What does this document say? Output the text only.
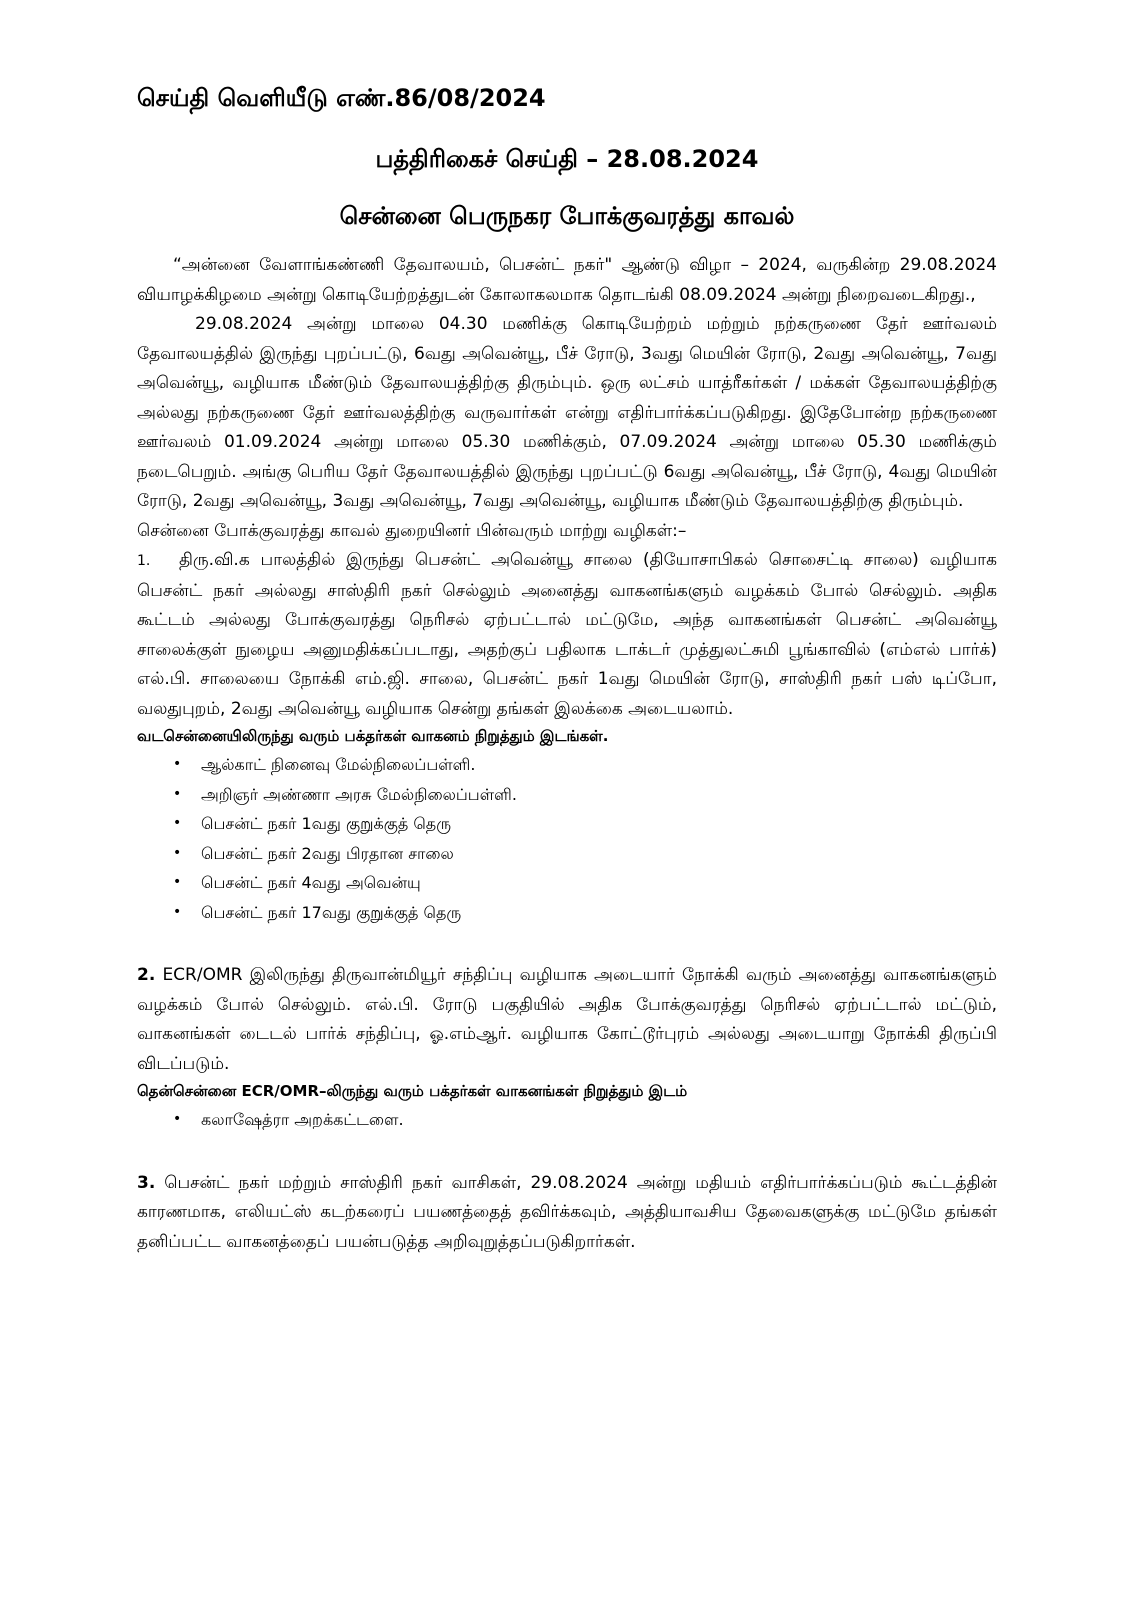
செய்தி வெளியீடு எண்.86/08/2024
பத்திரிகைச் செய்தி – 28.08.2024
சென்னை பெருநகர போக்குவரத்து காவல்

“அன்னை வேளாங்கண்ணி தேவாலயம், பெசன்ட் நகர்" ஆண்டு விழா – 2024, வருகின்ற 29.08.2024 வியாழக்கிழமை அன்று கொடியேற்றத்துடன் கோலாகலமாக தொடங்கி 08.09.2024 அன்று நிறைவடைகிறது.,

29.08.2024 அன்று மாலை 04.30 மணிக்கு கொடியேற்றம் மற்றும் நற்கருணை தேர் ஊர்வலம் தேவாலயத்தில் இருந்து புறப்பட்டு, 6வது அவென்யூ, பீச் ரோடு, 3வது மெயின் ரோடு, 2வது அவென்யூ, 7வது அவென்யூ, வழியாக மீண்டும் தேவாலயத்திற்கு திரும்பும். ஒரு லட்சம் யாத்ரீகர்கள் / மக்கள் தேவாலயத்திற்கு அல்லது நற்கருணை தேர் ஊர்வலத்திற்கு வருவார்கள் என்று எதிர்பார்க்கப்படுகிறது. இதேபோன்ற நற்கருணை ஊர்வலம் 01.09.2024 அன்று மாலை 05.30 மணிக்கும், 07.09.2024 அன்று மாலை 05.30 மணிக்கும் நடைபெறும். அங்கு பெரிய தேர் தேவாலயத்தில் இருந்து புறப்பட்டு 6வது அவென்யூ, பீச் ரோடு, 4வது மெயின் ரோடு, 2வது அவென்யூ, 3வது அவென்யூ, 7வது அவென்யூ, வழியாக மீண்டும் தேவாலயத்திற்கு திரும்பும்.

சென்னை போக்குவரத்து காவல் துறையினர் பின்வரும் மாற்று வழிகள்:–

1. திரு.வி.க பாலத்தில் இருந்து பெசன்ட் அவென்யூ சாலை (தியோசாபிகல் சொசைட்டி சாலை) வழியாக பெசன்ட் நகர் அல்லது சாஸ்திரி நகர் செல்லும் அனைத்து வாகனங்களும் வழக்கம் போல் செல்லும். அதிக கூட்டம் அல்லது போக்குவரத்து நெரிசல் ஏற்பட்டால் மட்டுமே, அந்த வாகனங்கள் பெசன்ட் அவென்யூ சாலைக்குள் நுழைய அனுமதிக்கப்படாது, அதற்குப் பதிலாக டாக்டர் முத்துலட்சுமி பூங்காவில் (எம்எல் பார்க்) எல்.பி. சாலையை நோக்கி எம்.ஜி. சாலை, பெசன்ட் நகர் 1வது மெயின் ரோடு, சாஸ்திரி நகர் பஸ் டிப்போ, வலதுபுறம், 2வது அவென்யூ வழியாக சென்று தங்கள் இலக்கை அடையலாம்.

வடசென்னையிலிருந்து வரும் பக்தர்கள் வாகனம் நிறுத்தும் இடங்கள்.
• ஆல்காட் நினைவு மேல்நிலைப்பள்ளி.
• அறிஞர் அண்ணா அரசு மேல்நிலைப்பள்ளி.
• பெசன்ட் நகர் 1வது குறுக்குத் தெரு
• பெசன்ட் நகர் 2வது பிரதான சாலை
• பெசன்ட் நகர் 4வது அவென்யு
• பெசன்ட் நகர் 17வது குறுக்குத் தெரு

2. ECR/OMR இலிருந்து திருவான்மியூர் சந்திப்பு வழியாக அடையார் நோக்கி வரும் அனைத்து வாகனங்களும் வழக்கம் போல் செல்லும். எல்.பி. ரோடு பகுதியில் அதிக போக்குவரத்து நெரிசல் ஏற்பட்டால் மட்டும், வாகனங்கள் டைடல் பார்க் சந்திப்பு, ஓ.எம்ஆர். வழியாக கோட்டூர்புரம் அல்லது அடையாறு நோக்கி திருப்பி விடப்படும்.

தென்சென்னை ECR/OMR–லிருந்து வரும் பக்தர்கள் வாகனங்கள் நிறுத்தும் இடம்
• கலாஷேத்ரா அறக்கட்டளை.

3. பெசன்ட் நகர் மற்றும் சாஸ்திரி நகர் வாசிகள், 29.08.2024 அன்று மதியம் எதிர்பார்க்கப்படும் கூட்டத்தின் காரணமாக, எலியட்ஸ் கடற்கரைப் பயணத்தைத் தவிர்க்கவும், அத்தியாவசிய தேவைகளுக்கு மட்டுமே தங்கள் தனிப்பட்ட வாகனத்தைப் பயன்படுத்த அறிவுறுத்தப்படுகிறார்கள்.
